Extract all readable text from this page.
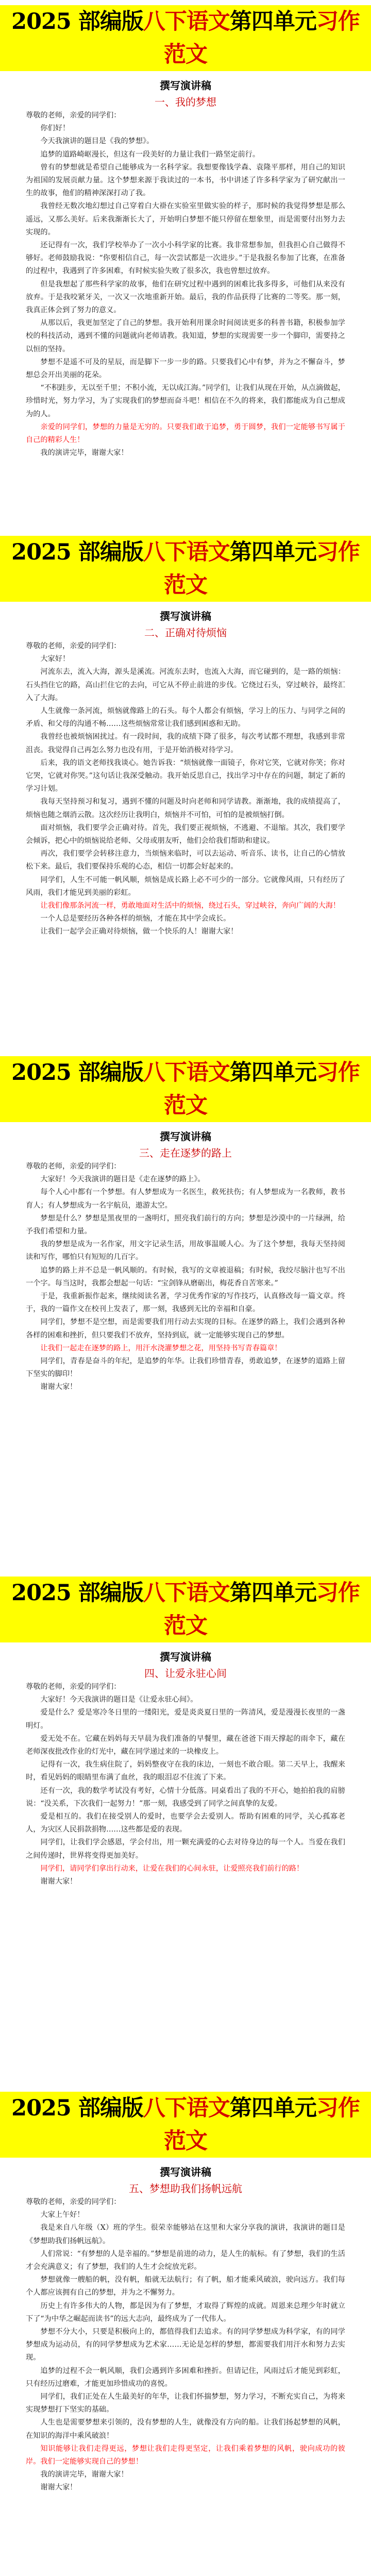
2025 部编版八下语文第四单元习作范文
撰写演讲稿
一、我的梦想

尊敬的老师，亲爱的同学们：

你们好！

今天我演讲的题目是《我的梦想》。

追梦的道路崎岖漫长，但这有一段美好的力量让我们一路坚定前行。

曾有的梦想就是希望自己能够成为一名科学家。我想要像钱学森、袁隆平那样，用自己的知识为祖国的发展贡献力量。这个梦想来源于我读过的一本书，书中讲述了许多科学家为了研究献出一生的故事，他们的精神深深打动了我。

我曾经无数次地幻想过自己穿着白大褂在实验室里做实验的样子，那时候的我觉得梦想是那么遥远，又那么美好。后来我渐渐长大了，开始明白梦想不能只停留在想象里，而是需要付出努力去实现的。

还记得有一次，我们学校举办了一次小小科学家的比赛。我非常想参加，但我担心自己做得不够好。老师鼓励我说：“你要相信自己，每一次尝试都是一次进步。”于是我报名参加了比赛，在准备的过程中，我遇到了许多困难，有时候实验失败了很多次，我也曾想过放弃。

但是我想起了那些科学家的故事，他们在研究过程中遇到的困难比我多得多，可他们从来没有放弃。于是我咬紧牙关，一次又一次地重新开始。最后，我的作品获得了比赛的二等奖。那一刻，我真正体会到了努力的意义。

从那以后，我更加坚定了自己的梦想。我开始利用课余时间阅读更多的科普书籍，积极参加学校的科技活动，遇到不懂的问题就向老师请教。我知道，梦想的实现需要一步一个脚印，需要持之以恒的坚持。

梦想不是遥不可及的星辰，而是脚下一步一步的路。只要我们心中有梦，并为之不懈奋斗，梦想总会开出美丽的花朵。

“不积跬步，无以至千里；不积小流，无以成江海。”同学们，让我们从现在开始，从点滴做起，珍惜时光，努力学习，为了实现我们的梦想而奋斗吧！相信在不久的将来，我们都能成为自己想成为的人。

亲爱的同学们，梦想的力量是无穷的。只要我们敢于追梦，勇于圆梦，我们一定能够书写属于自己的精彩人生！

我的演讲完毕，谢谢大家！

2025 部编版八下语文第四单元习作范文
撰写演讲稿
二、正确对待烦恼

尊敬的老师，亲爱的同学们：

大家好！

河流东去，流入大海，源头是溪流。河流东去时，也流入大海，而它碰到的，是一路的烦恼：石头挡住它的路，高山拦住它的去向，可它从不停止前进的步伐。它绕过石头，穿过峡谷，最终汇入了大海。

人生就像一条河流，烦恼就像路上的石头。每个人都会有烦恼，学习上的压力、与同学之间的矛盾、和父母的沟通不畅……这些烦恼常常让我们感到困惑和无助。

我曾经也被烦恼困扰过。有一段时间，我的成绩下降了很多，每次考试都不理想，我感到非常沮丧。我觉得自己再怎么努力也没有用，于是开始消极对待学习。

后来，我的语文老师找我谈心。她告诉我：“烦恼就像一面镜子，你对它笑，它就对你笑；你对它哭，它就对你哭。”这句话让我深受触动。我开始反思自己，找出学习中存在的问题，制定了新的学习计划。

我每天坚持预习和复习，遇到不懂的问题及时向老师和同学请教。渐渐地，我的成绩提高了，烦恼也随之烟消云散。这次经历让我明白，烦恼并不可怕，可怕的是被烦恼打倒。

面对烦恼，我们要学会正确对待。首先，我们要正视烦恼，不逃避、不退缩。其次，我们要学会倾诉，把心中的烦恼说给老师、父母或朋友听，他们会给我们帮助和建议。

再次，我们要学会转移注意力，当烦恼来临时，可以去运动、听音乐、读书，让自己的心情放松下来。最后，我们要保持乐观的心态，相信一切都会好起来的。

同学们，人生不可能一帆风顺，烦恼是成长路上必不可少的一部分。它就像风雨，只有经历了风雨，我们才能见到美丽的彩虹。

让我们像那条河流一样，勇敢地面对生活中的烦恼，绕过石头，穿过峡谷，奔向广阔的大海！

一个人总是要经历各种各样的烦恼，才能在其中学会成长。

让我们一起学会正确对待烦恼，做一个快乐的人！谢谢大家！

2025 部编版八下语文第四单元习作范文
撰写演讲稿
三、走在逐梦的路上

尊敬的老师，亲爱的同学们：

大家好！今天我演讲的题目是《走在逐梦的路上》。

每个人心中都有一个梦想。有人梦想成为一名医生，救死扶伤；有人梦想成为一名教师，教书育人；有人梦想成为一名宇航员，遨游太空。

梦想是什么？梦想是黑夜里的一盏明灯，照亮我们前行的方向；梦想是沙漠中的一片绿洲，给予我们希望和力量。

我的梦想是成为一名作家，用文字记录生活，用故事温暖人心。为了这个梦想，我每天坚持阅读和写作，哪怕只有短短的几百字。

追梦的路上并不总是一帆风顺的。有时候，我写的文章被退稿；有时候，我绞尽脑汁也写不出一个字。每当这时，我都会想起一句话：“宝剑锋从磨砺出，梅花香自苦寒来。”

于是，我重新振作起来，继续阅读名著，学习优秀作家的写作技巧，认真修改每一篇文章。终于，我的一篇作文在校刊上发表了，那一刻，我感到无比的幸福和自豪。

同学们，梦想不是空想，而是需要我们用行动去实现的目标。在逐梦的路上，我们会遇到各种各样的困难和挫折，但只要我们不放弃，坚持到底，就一定能够实现自己的梦想。

让我们一起走在逐梦的路上，用汗水浇灌梦想之花，用坚持书写青春篇章！

同学们，青春是奋斗的年纪，是追梦的年华。让我们珍惜青春，勇敢追梦，在逐梦的道路上留下坚实的脚印！

谢谢大家！

2025 部编版八下语文第四单元习作范文
撰写演讲稿
四、让爱永驻心间

尊敬的老师，亲爱的同学们：

大家好！今天我演讲的题目是《让爱永驻心间》。

爱是什么？爱是寒冷冬日里的一缕阳光，爱是炎炎夏日里的一阵清风，爱是漫漫长夜里的一盏明灯。

爱无处不在。它藏在妈妈每天早晨为我们准备的早餐里，藏在爸爸下雨天撑起的雨伞下，藏在老师深夜批改作业的灯光中，藏在同学递过来的一块橡皮上。

记得有一次，我生病住院了，妈妈整夜守在我的床边，一刻也不敢合眼。第二天早上，我醒来时，看见妈妈的眼睛里布满了血丝，我的眼泪忍不住流了下来。

还有一次，我的数学考试没有考好，心情十分低落。同桌看出了我的不开心，她拍拍我的肩膀说：“没关系，下次我们一起努力！”那一刻，我感受到了同学之间真挚的友爱。

爱是相互的。我们在接受别人的爱时，也要学会去爱别人。帮助有困难的同学，关心孤寡老人，为灾区人民捐款捐物……这些都是爱的表现。

同学们，让我们学会感恩，学会付出，用一颗充满爱的心去对待身边的每一个人。当爱在我们之间传递时，世界将变得更加美好。

同学们，请同学们拿出行动来，让爱在我们的心间永驻，让爱照亮我们前行的路！

谢谢大家！

2025 部编版八下语文第四单元习作范文
撰写演讲稿
五、梦想助我们扬帆远航

尊敬的老师，亲爱的同学们：

大家上午好！

我是来自八年级（X）班的学生。很荣幸能够站在这里和大家分享我的演讲，我演讲的题目是《梦想助我们扬帆远航》。

人们常说：“有梦想的人是幸福的。”梦想是前进的动力，是人生的航标。有了梦想，我们的生活才会充满意义；有了梦想，我们的人生才会绽放光彩。

梦想就像一艘船的帆，没有帆，船就无法航行；有了帆，船才能乘风破浪，驶向远方。我们每个人都应该拥有自己的梦想，并为之不懈努力。

历史上有许多伟大的人物，都是因为有了梦想，才取得了辉煌的成就。周恩来总理少年时就立下了“为中华之崛起而读书”的远大志向，最终成为了一代伟人。

梦想不分大小，只要是积极向上的，都值得我们去追求。有的同学梦想成为科学家，有的同学梦想成为运动员，有的同学梦想成为艺术家……无论是怎样的梦想，都需要我们用汗水和努力去实现。

追梦的过程不会一帆风顺，我们会遇到许多困难和挫折。但请记住，风雨过后才能见到彩虹，只有经历过磨难，才能更加珍惜成功的喜悦。

同学们，我们正处在人生最美好的年华，让我们怀揣梦想，努力学习，不断充实自己，为将来实现梦想打下坚实的基础。

人生也是需要梦想来引领的，没有梦想的人生，就像没有方向的船。让我们扬起梦想的风帆，在知识的海洋中乘风破浪！

知识能够让我们走得更远，梦想让我们走得更坚定，让我们乘着梦想的风帆，驶向成功的彼岸。我们一定能够实现自己的梦想！

我的演讲完毕，谢谢大家！

谢谢大家！
